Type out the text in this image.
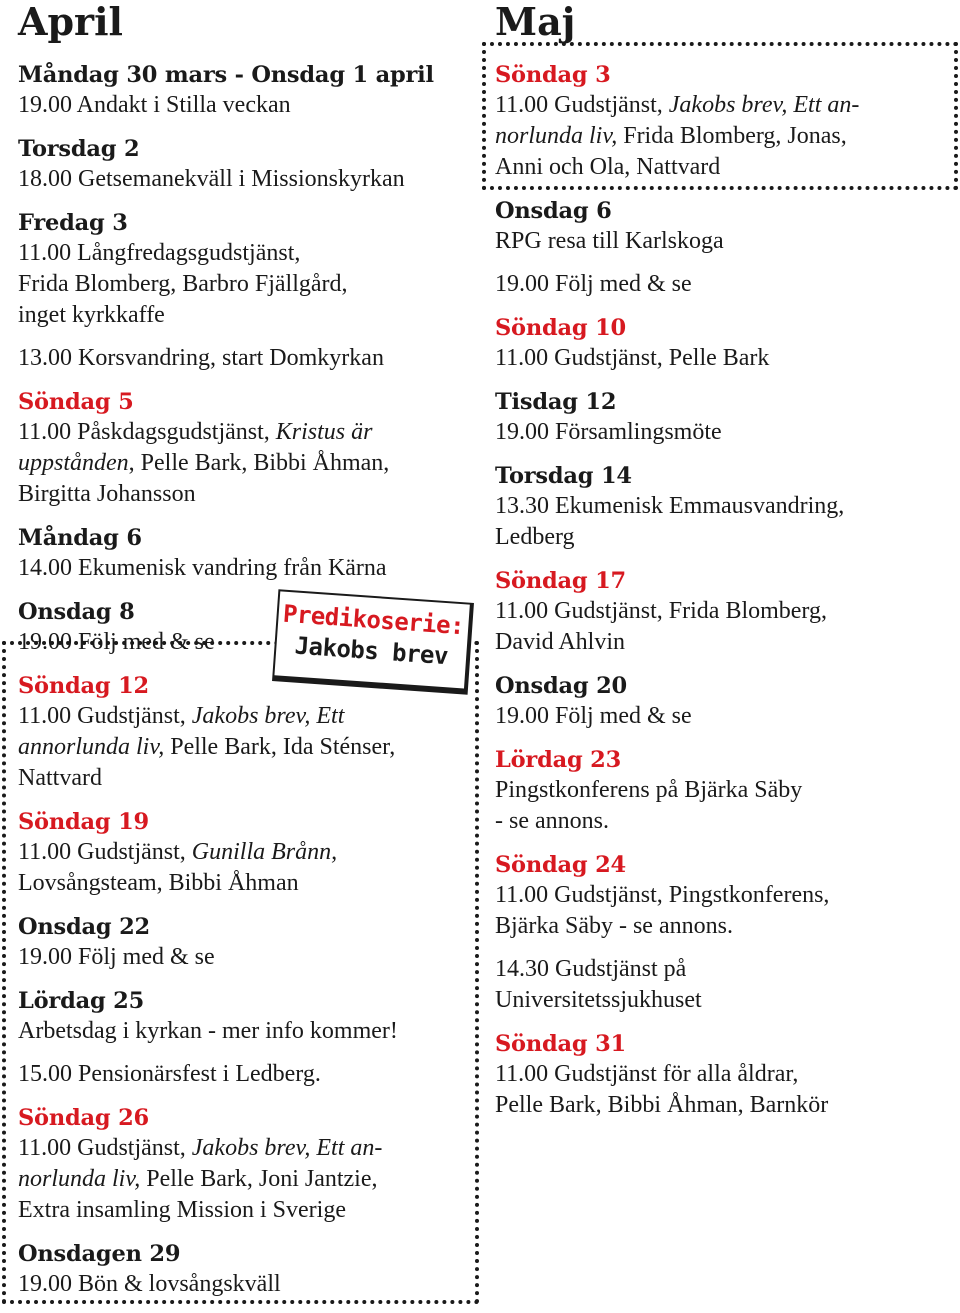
April
Måndag 30 mars - Onsdag 1 april
19.00 Andakt i Stilla veckan
Torsdag 2
18.00 Getsemanekväll i Missionskyrkan
Fredag 3
11.00 Långfredagsgudstjänst,
Frida Blomberg, Barbro Fjällgård,
inget kyrkkaffe
13.00 Korsvandring, start Domkyrkan
Söndag 5
11.00 Påskdagsgudstjänst, Kristus är
uppstånden, Pelle Bark, Bibbi Åhman,
Birgitta Johansson
Måndag 6
14.00 Ekumenisk vandring från Kärna
Onsdag 8
19.00 Följ med & se
Söndag 12
11.00 Gudstjänst, Jakobs brev, Ett
annorlunda liv, Pelle Bark, Ida Sténser,
Nattvard
Söndag 19
11.00 Gudstjänst, Gunilla Brånn,
Lovsångsteam, Bibbi Åhman
Onsdag 22
19.00 Följ med & se
Lördag 25
Arbetsdag i kyrkan - mer info kommer!
15.00 Pensionärsfest i Ledberg.
Söndag 26
11.00 Gudstjänst, Jakobs brev, Ett an-
norlunda liv, Pelle Bark, Joni Jantzie,
Extra insamling Mission i Sverige
Onsdagen 29
19.00 Bön & lovsångskväll
Maj
Söndag 3
11.00 Gudstjänst, Jakobs brev, Ett an-
norlunda liv, Frida Blomberg, Jonas,
Anni och Ola, Nattvard
Onsdag 6
RPG resa till Karlskoga
19.00 Följ med & se
Söndag 10
11.00 Gudstjänst, Pelle Bark
Tisdag 12
19.00 Församlingsmöte
Torsdag 14
13.30 Ekumenisk Emmausvandring,
Ledberg
Söndag 17
11.00 Gudstjänst, Frida Blomberg,
David Ahlvin
Onsdag 20
19.00 Följ med & se
Lördag 23
Pingstkonferens på Bjärka Säby
- se annons.
Söndag 24
11.00 Gudstjänst, Pingstkonferens,
Bjärka Säby - se annons.
14.30 Gudstjänst på
Universitetssjukhuset
Söndag 31
11.00 Gudstjänst för alla åldrar,
Pelle Bark, Bibbi Åhman, Barnkör
Predikoserie:
Jakobs brev
